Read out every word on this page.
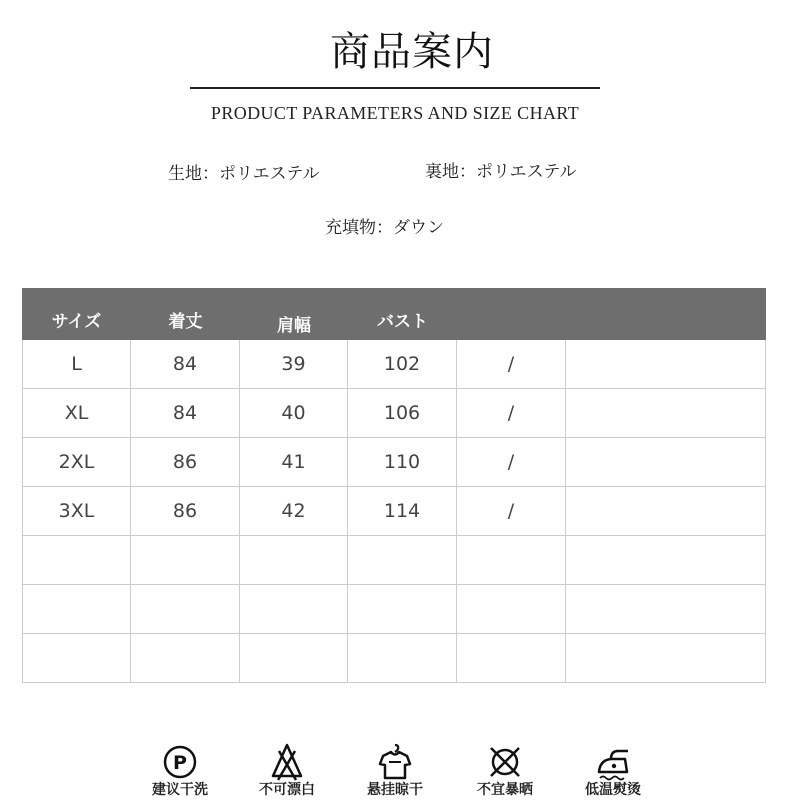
商品案内
PRODUCT PARAMETERS AND SIZE CHART
生地：ポリエステル	裏地：ポリエステル
充填物：ダウン
サイズ	着丈	肩幅	バスト
L	84	39	102	/
XL	84	40	106	/
2XL	86	41	110	/
3XL	86	42	114	/
P
建议干洗	不可漂白	悬挂晾干	不宜暴晒	低温熨烫
